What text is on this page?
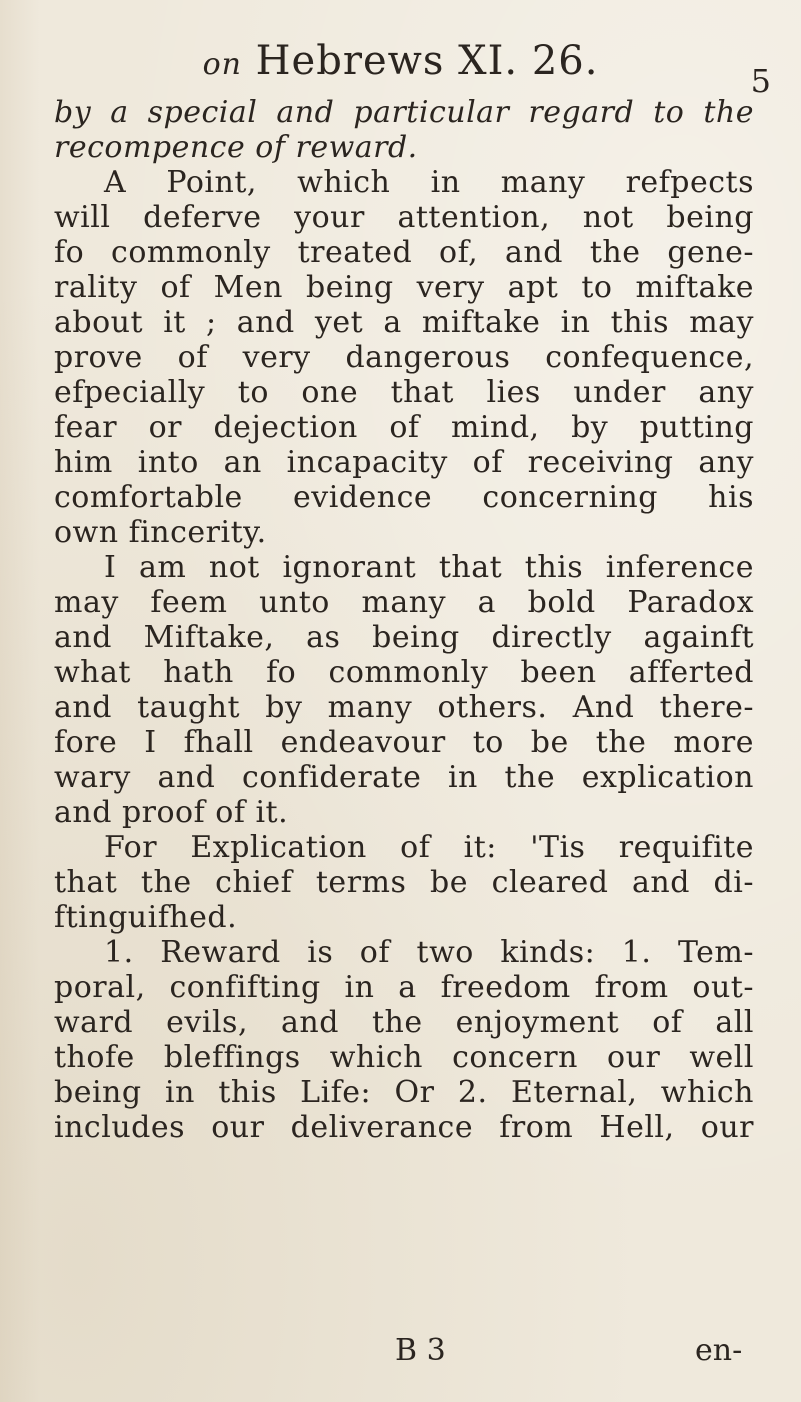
on Hebrews XI. 26.	5
by a special and particular regard to the
recompence of reward.
A Point, which in many refpects
will deferve your attention, not being
fo commonly treated of, and the gene-
rality of Men being very apt to miftake
about it ; and yet a miftake in this may
prove of very dangerous confequence,
efpecially to one that lies under any
fear or dejection of mind, by putting
him into an incapacity of receiving any
comfortable evidence concerning his
own fincerity.
I am not ignorant that this inference
may feem unto many a bold Paradox
and Miftake, as being directly againft
what hath fo commonly been afferted
and taught by many others. And there-
fore I fhall endeavour to be the more
wary and confiderate in the explication
and proof of it.
For Explication of it: 'Tis requifite
that the chief terms be cleared and di-
ftinguifhed.
1. Reward is of two kinds: 1. Tem-
poral, confifting in a freedom from out-
ward evils, and the enjoyment of all
thofe bleffings which concern our well
being in this Life: Or 2. Eternal, which
includes our deliverance from Hell, our
B 3	en-
